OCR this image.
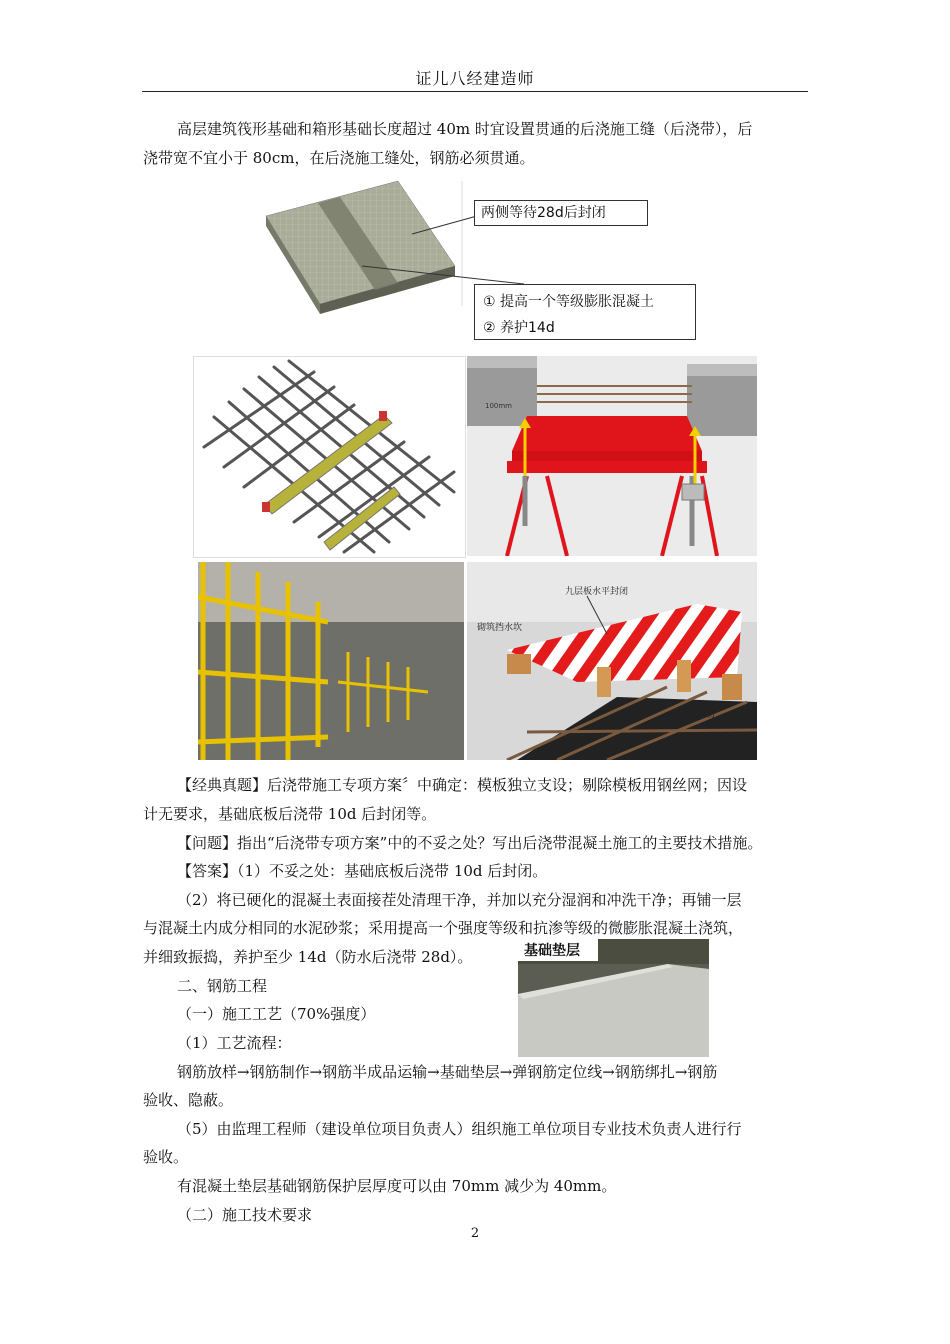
证儿八经建造师
高层建筑筏形基础和箱形基础长度超过 40m 时宜设置贯通的后浇施工缝（后浇带），后
浇带宽不宜小于 80cm，在后浇施工缝处，钢筋必须贯通。
两侧等待28d后封闭
① 提高一个等级膨胀混凝土
② 养护14d
100mm
九层板水平封闭
砌筑挡水坎
木枋
【经典真题】后浇带施工专项方案〞中确定：模板独立支设；剔除模板用钢丝网；因设
计无要求，基础底板后浇带 10d 后封闭等。
【问题】指出“后浇带专项方案”中的不妥之处？写出后浇带混凝土施工的主要技术措施。
【答案】（1）不妥之处：基础底板后浇带 10d 后封闭。
（2）将已硬化的混凝土表面接茬处清理干净，并加以充分湿润和冲洗干净；再铺一层
与混凝土内成分相同的水泥砂浆；采用提高一个强度等级和抗渗等级的微膨胀混凝土浇筑，
并细致振捣，养护至少 14d（防水后浇带 28d）。	基础垫层
二、钢筋工程
（一）施工工艺（70%强度）
（1）工艺流程：
钢筋放样→钢筋制作→钢筋半成品运输→基础垫层→弹钢筋定位线→钢筋绑扎→钢筋
验收、隐蔽。
（5）由监理工程师（建设单位项目负责人）组织施工单位项目专业技术负责人进行行
验收。
有混凝土垫层基础钢筋保护层厚度可以由 70mm 减少为 40mm。
（二）施工技术要求
2
